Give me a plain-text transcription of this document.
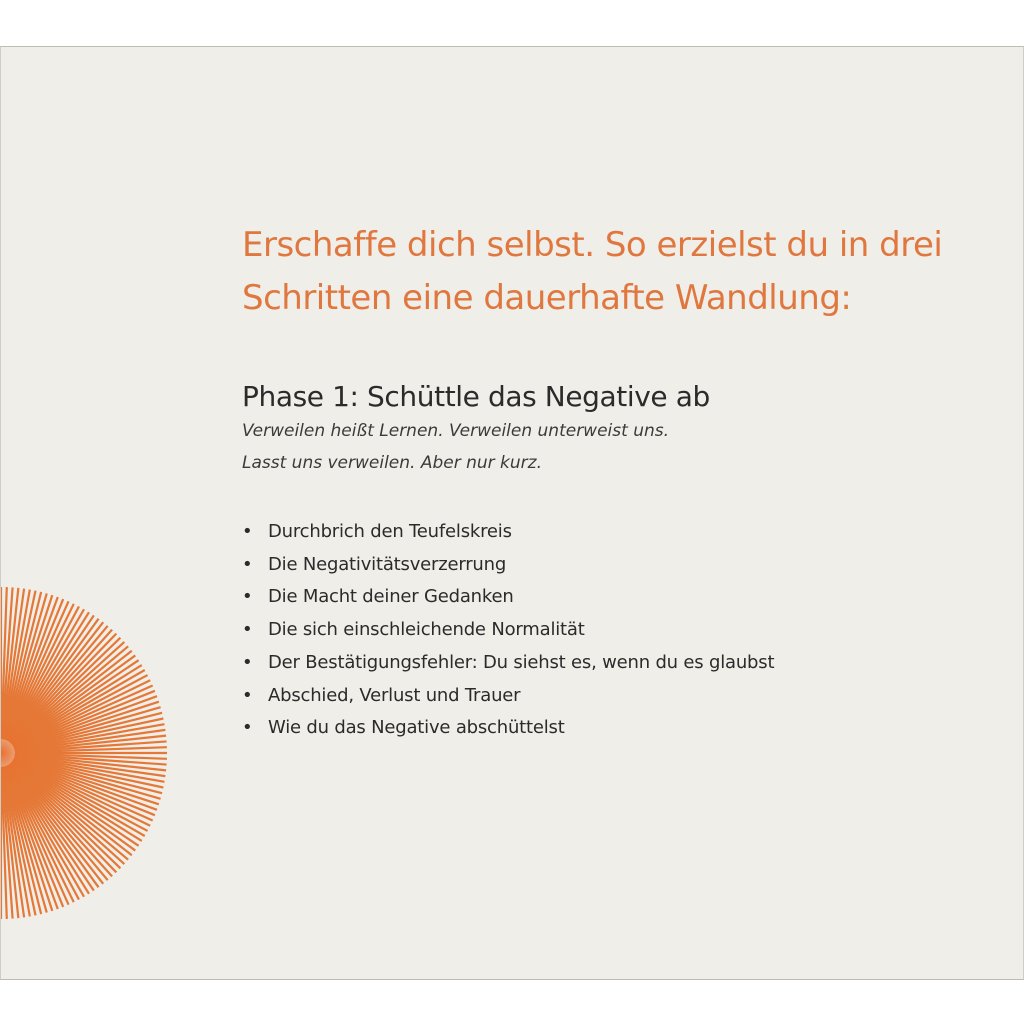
Erschaffe dich selbst. So erzielst du in drei
Schritten eine dauerhafte Wandlung:
Phase 1: Schüttle das Negative ab

Verweilen heißt Lernen. Verweilen unterweist uns.
Lasst uns verweilen. Aber nur kurz.

• Durchbrich den Teufelskreis
• Die Negativitätsverzerrung
• Die Macht deiner Gedanken
• Die sich einschleichende Normalität
• Der Bestätigungsfehler: Du siehst es, wenn du es glaubst
• Abschied, Verlust und Trauer
• Wie du das Negative abschüttelst
